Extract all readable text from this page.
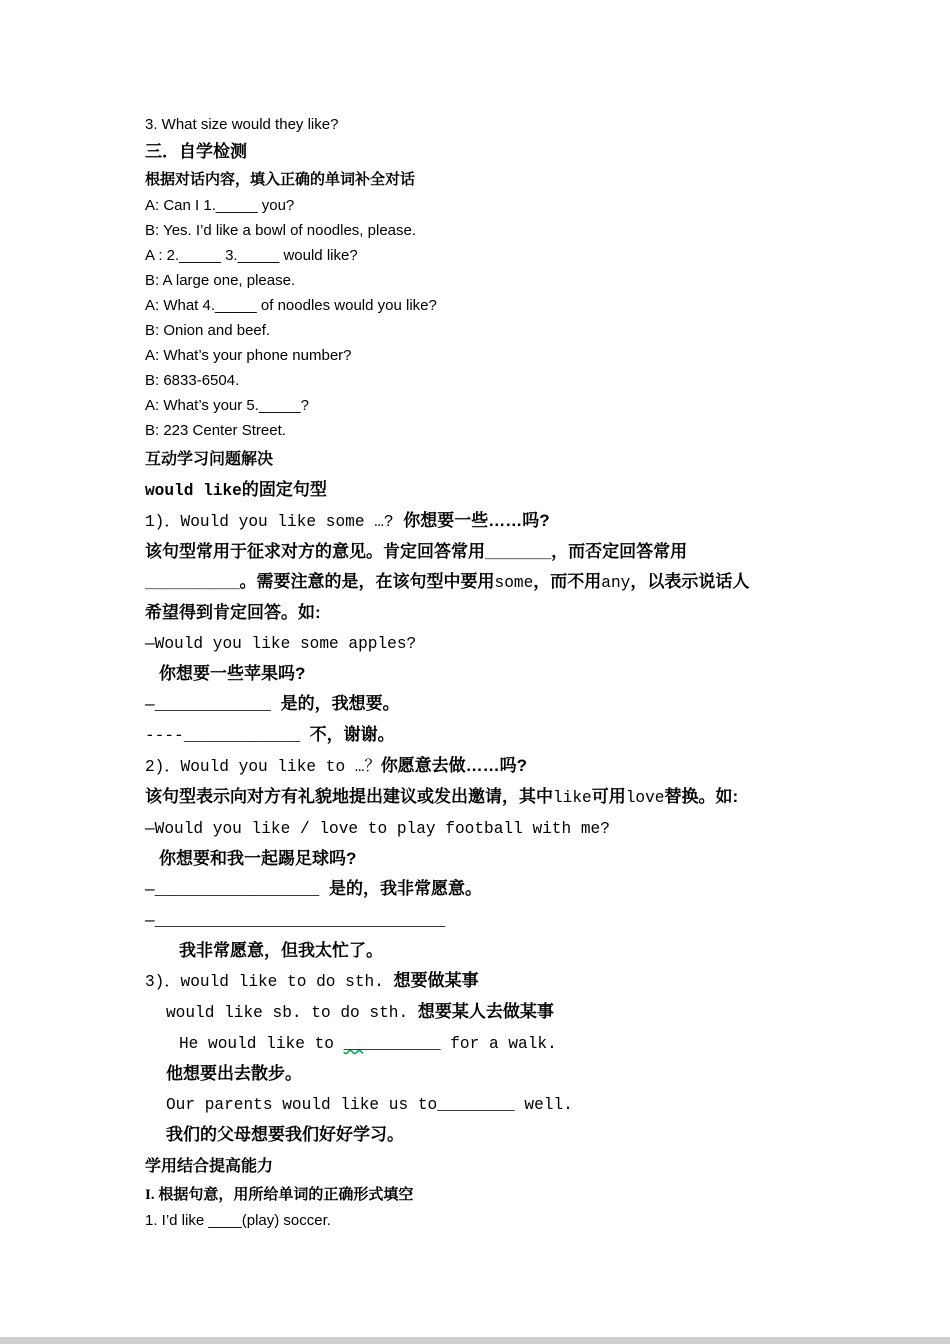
3. What size would they like?
三．自学检测
根据对话内容，填入正确的单词补全对话
A: Can I 1._____ you?
B: Yes. I’d like a bowl of noodles, please.
A : 2._____ 3._____ would like?
B: A large one, please.
A: What 4._____ of noodles would you like?
B: Onion and beef.
A: What’s your phone number?
B: 6833-6504.
A: What’s your 5._____?
B: 223 Center Street.
互动学习问题解决
would like的固定句型
1)．Would you like some …? 你想要一些……吗?
该句型常用于征求对方的意见。肯定回答常用_______，而否定回答常用
__________。需要注意的是，在该句型中要用some，而不用any，以表示说话人
希望得到肯定回答。如:
—Would you like some apples?
你想要一些苹果吗?
—____________ 是的，我想要。
----____________ 不，谢谢。
2)．Would you like to …？你愿意去做……吗?
该句型表示向对方有礼貌地提出建议或发出邀请，其中like可用love替换。如:
—Would you like / love to play football with me?
你想要和我一起踢足球吗?
—_________________ 是的，我非常愿意。
—______________________________
我非常愿意，但我太忙了。
3)．would like to do sth. 想要做某事
would like sb. to do sth. 想要某人去做某事
He would like to __________ for a walk.
他想要出去散步。
Our parents would like us to________ well.
我们的父母想要我们好好学习。
学用结合提高能力
I. 根据句意，用所给单词的正确形式填空
1. I’d like ____(play) soccer.
